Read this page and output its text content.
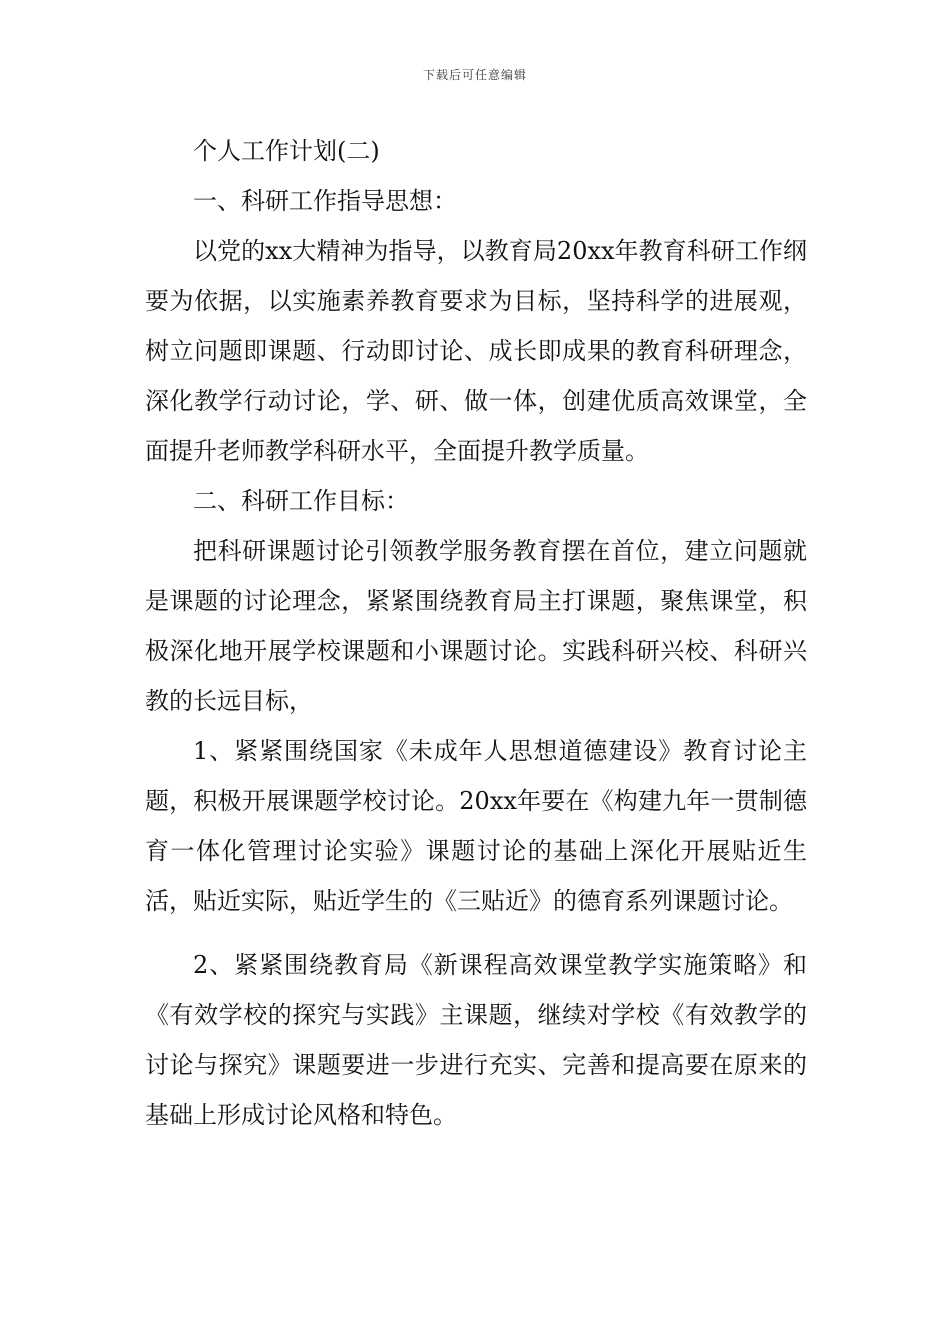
下载后可任意编辑

个人工作计划(二)

一、科研工作指导思想：

以党的xx大精神为指导，以教育局20xx年教育科研工作纲要为依据，以实施素养教育要求为目标，坚持科学的进展观，树立问题即课题、行动即讨论、成长即成果的教育科研理念，深化教学行动讨论，学、研、做一体，创建优质高效课堂，全面提升老师教学科研水平，全面提升教学质量。

二、科研工作目标：

把科研课题讨论引领教学服务教育摆在首位，建立问题就是课题的讨论理念，紧紧围绕教育局主打课题，聚焦课堂，积极深化地开展学校课题和小课题讨论。实践科研兴校、科研兴教的长远目标，

1、紧紧围绕国家《未成年人思想道德建设》教育讨论主题，积极开展课题学校讨论。20xx年要在《构建九年一贯制德育一体化管理讨论实验》课题讨论的基础上深化开展贴近生活，贴近实际，贴近学生的《三贴近》的德育系列课题讨论。

2、紧紧围绕教育局《新课程高效课堂教学实施策略》和《有效学校的探究与实践》主课题，继续对学校《有效教学的讨论与探究》课题要进一步进行充实、完善和提高要在原来的基础上形成讨论风格和特色。
